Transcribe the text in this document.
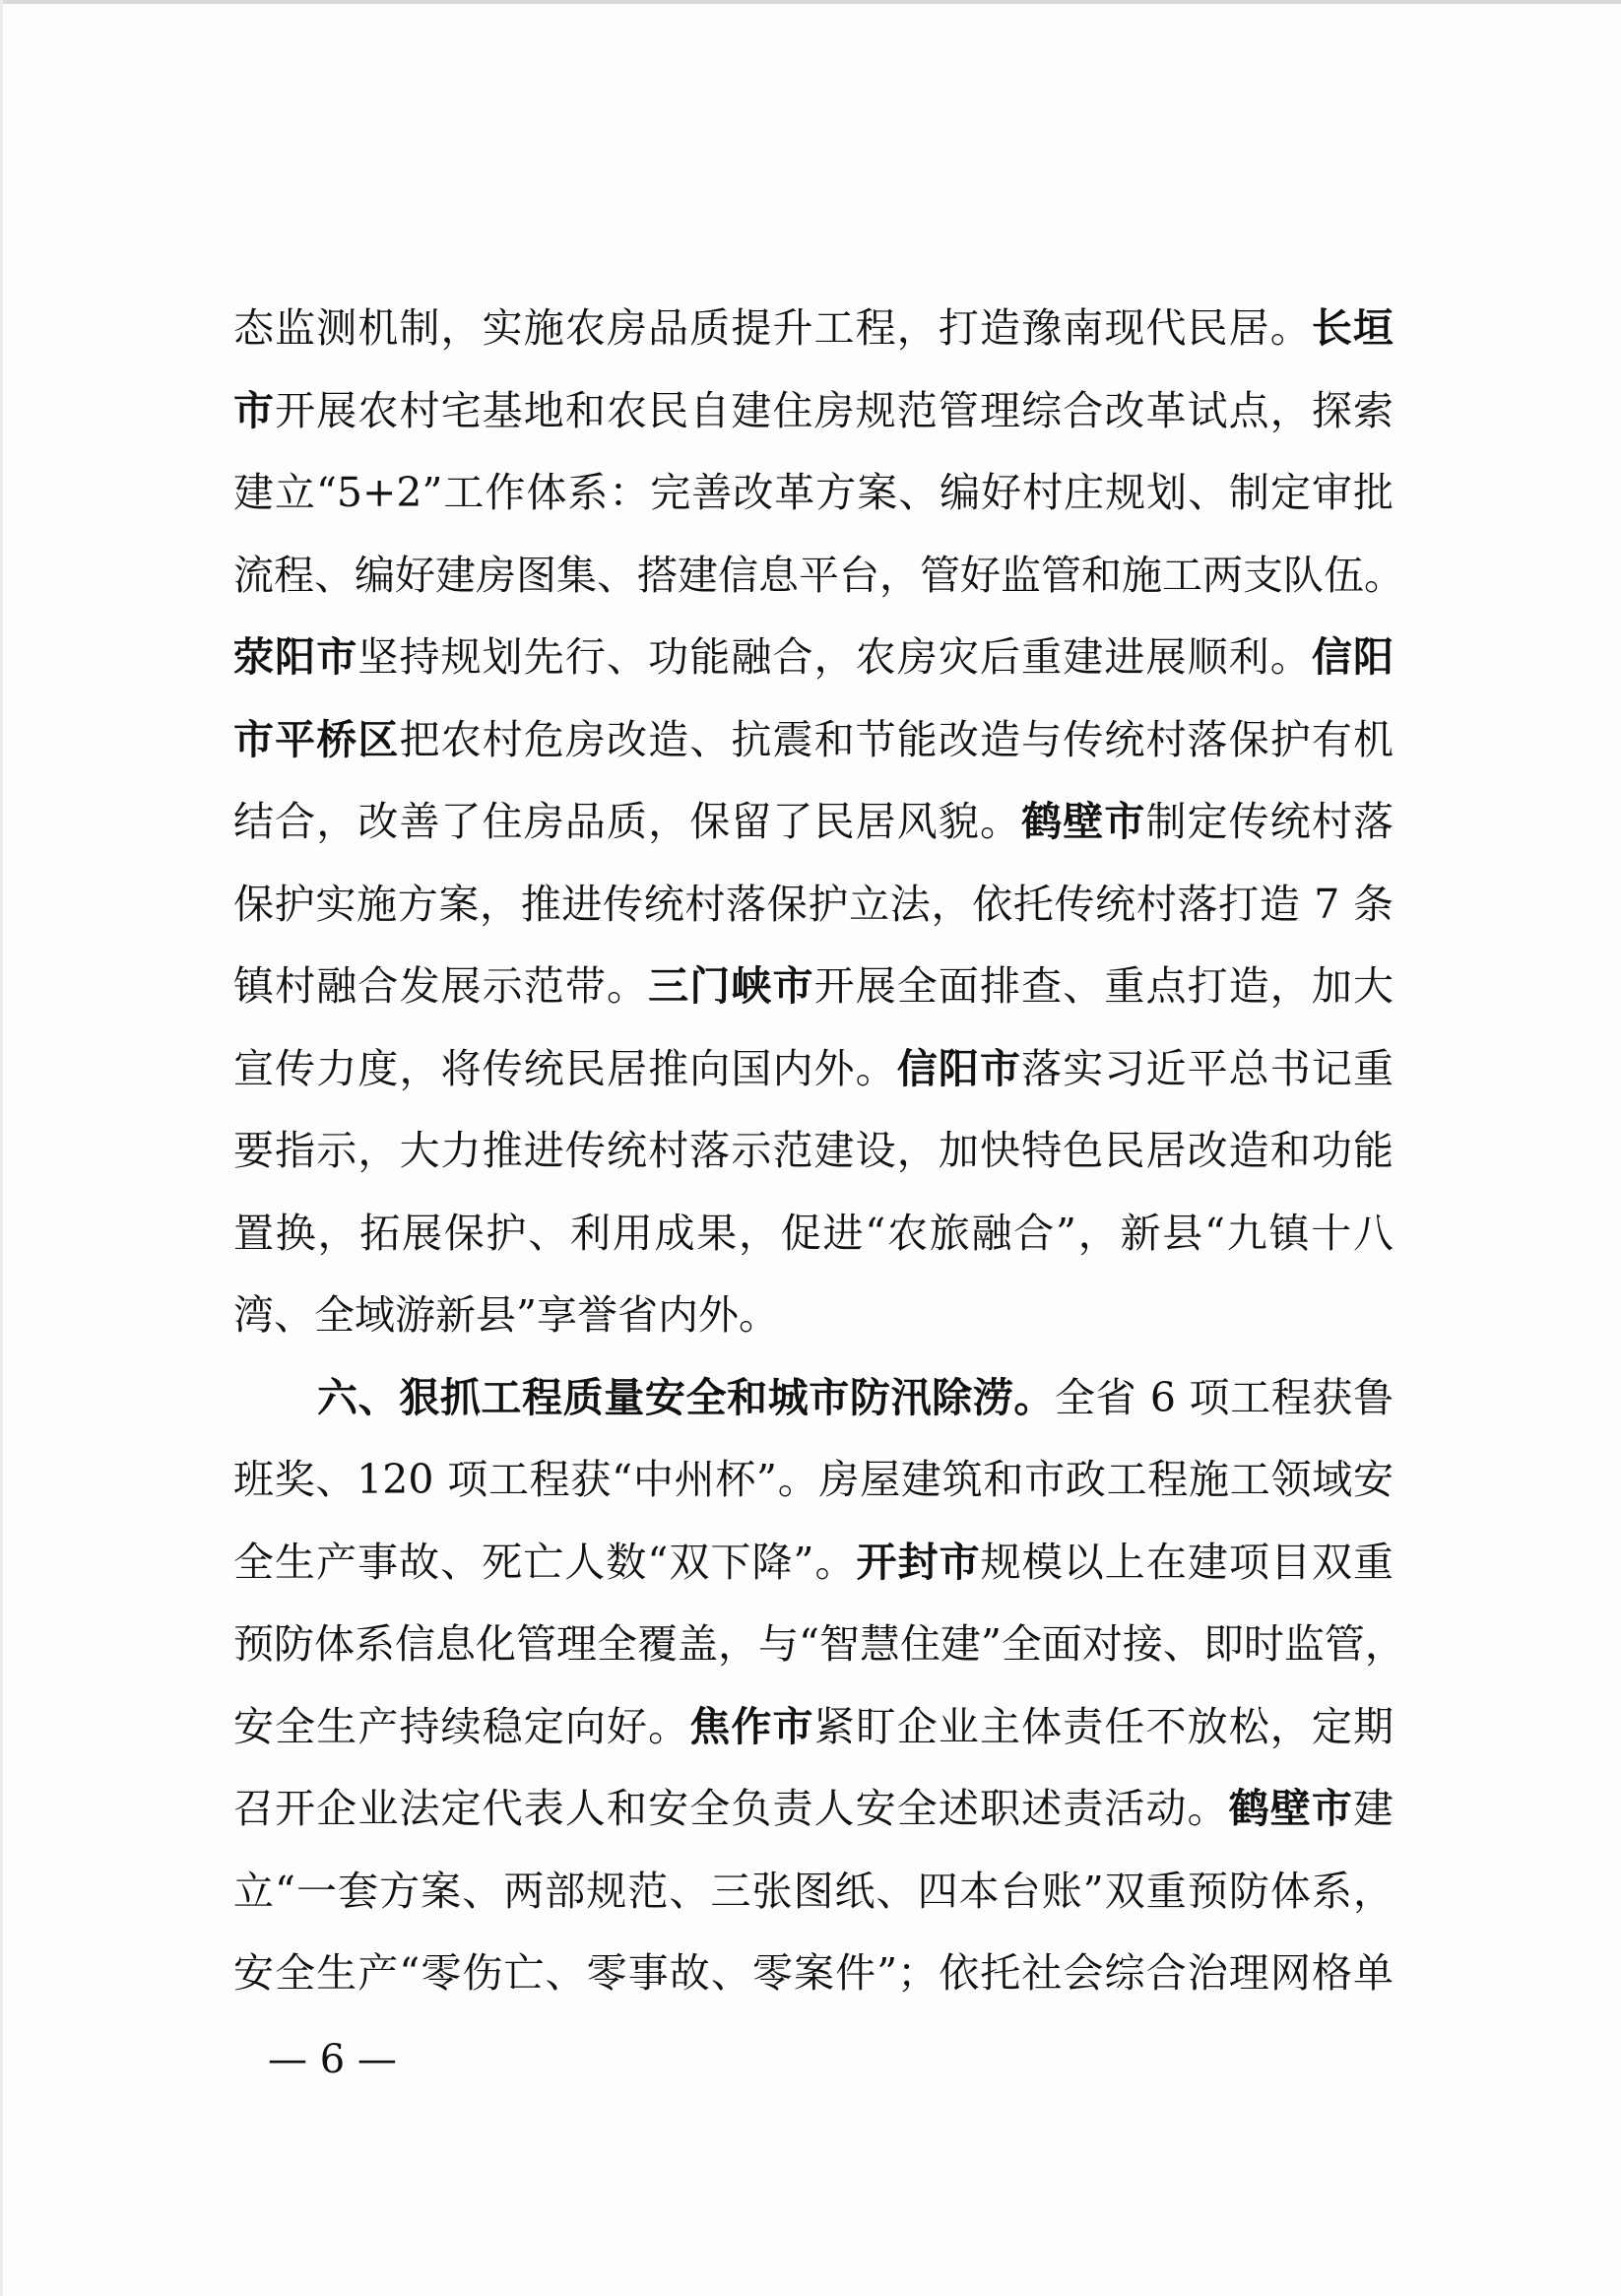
态监测机制，实施农房品质提升工程，打造豫南现代民居。长垣
市开展农村宅基地和农民自建住房规范管理综合改革试点，探索
建立“5+2”工作体系：完善改革方案、编好村庄规划、制定审批
流程、编好建房图集、搭建信息平台，管好监管和施工两支队伍。
荥阳市坚持规划先行、功能融合，农房灾后重建进展顺利。信阳
市平桥区把农村危房改造、抗震和节能改造与传统村落保护有机
结合，改善了住房品质，保留了民居风貌。鹤壁市制定传统村落
保护实施方案，推进传统村落保护立法，依托传统村落打造 7 条
镇村融合发展示范带。三门峡市开展全面排查、重点打造，加大
宣传力度，将传统民居推向国内外。信阳市落实习近平总书记重
要指示，大力推进传统村落示范建设，加快特色民居改造和功能
置换，拓展保护、利用成果，促进“农旅融合”，新县“九镇十八
湾、全域游新县”享誉省内外。
六、狠抓工程质量安全和城市防汛除涝。全省 6 项工程获鲁
班奖、120 项工程获“中州杯”。房屋建筑和市政工程施工领域安
全生产事故、死亡人数“双下降”。开封市规模以上在建项目双重
预防体系信息化管理全覆盖，与“智慧住建”全面对接、即时监管，
安全生产持续稳定向好。焦作市紧盯企业主体责任不放松，定期
召开企业法定代表人和安全负责人安全述职述责活动。鹤壁市建
立“一套方案、两部规范、三张图纸、四本台账”双重预防体系，
安全生产“零伤亡、零事故、零案件”；依托社会综合治理网格单
— 6 —
